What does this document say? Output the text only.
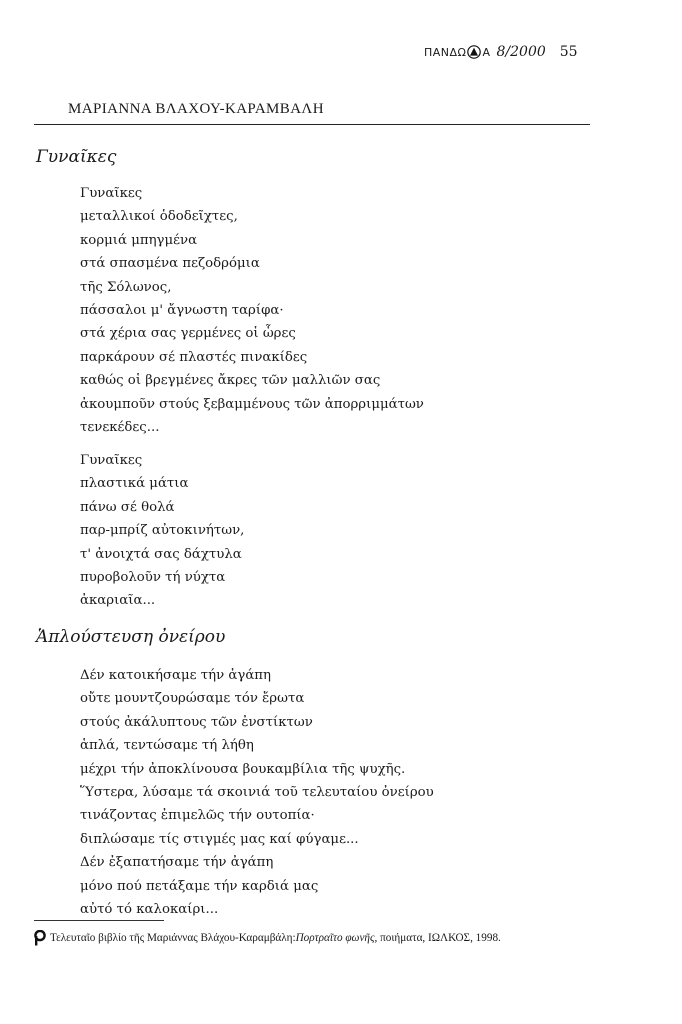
ΠΑΝΔΩ Α 8/2000 55
ΜΑΡΙΑΝΝΑ ΒΛΑΧΟΥ-ΚΑΡΑΜΒΑΛΗ
Γυναῖκες
Γυναῖκες
μεταλλικοί ὁδοδεῖχτες,
κορμιά μπηγμένα
στά σπασμένα πεζοδρόμια
τῆς Σόλωνος,
πάσσαλοι μ' ἄγνωστη ταρίφα·
στά χέρια σας γερμένες οἱ ὧρες
παρκάρουν σέ πλαστές πινακίδες
καθώς οἱ βρεγμένες ἄκρες τῶν μαλλιῶν σας
ἀκουμποῦν στούς ξεβαμμένους τῶν ἀπορριμμάτων
τενεκέδες...
Γυναῖκες
πλαστικά μάτια
πάνω σέ θολά
παρ-μπρίζ αὐτοκινήτων,
τ' ἀνοιχτά σας δάχτυλα
πυροβολοῦν τή νύχτα
ἀκαριαῖα...
Ἁπλούστευση ὀνείρου
Δέν κατοικήσαμε τήν ἀγάπη
οὔτε μουντζουρώσαμε τόν ἔρωτα
στούς ἀκάλυπτους τῶν ἐνστίκτων
ἁπλά, τεντώσαμε τή λήθη
μέχρι τήν ἀποκλίνουσα βουκαμβίλια τῆς ψυχῆς.
Ὕστερα, λύσαμε τά σκοινιά τοῦ τελευταίου ὀνείρου
τινάζοντας ἐπιμελῶς τήν ουτοπία·
διπλώσαμε τίς στιγμές μας καί φύγαμε...
Δέν ἐξαπατήσαμε τήν ἀγάπη
μόνο πού πετάξαμε τήν καρδιά μας
αὐτό τό καλοκαίρι...
Τελευταῖο βιβλίο τῆς Μαριάννας Βλάχου-Καραμβάλη: Πορτραῖτο φωνῆς , ποιήματα, ΙΩΛΚΟΣ, 1998.
